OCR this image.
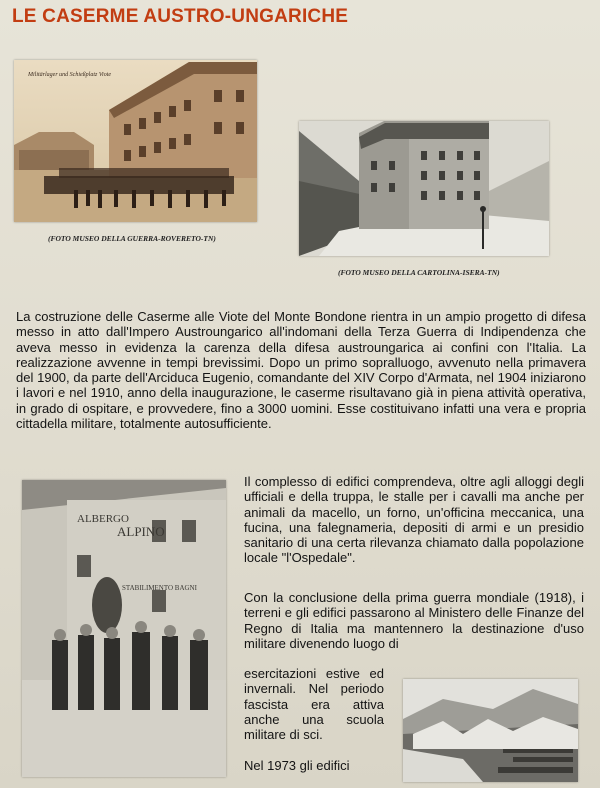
LE CASERME AUSTRO-UNGARICHE
Militärlager und Schießplatz Viote
(FOTO MUSEO DELLA GUERRA-ROVERETO-TN)
(FOTO MUSEO DELLA CARTOLINA-ISERA-TN)

La costruzione delle Caserme alle Viote del Monte Bondone rientra in un ampio progetto di difesa messo in atto dall'Impero Austroungarico all'indomani della Terza Guerra di Indipendenza che aveva messo in evidenza la carenza della difesa austroungarica ai confini con l'Italia. La realizzazione avvenne in tempi brevissimi. Dopo un primo sopralluogo, avvenuto nella primavera del 1900, da parte dell'Arciduca Eugenio, comandante del XIV Corpo d'Armata, nel 1904 iniziarono i lavori e nel 1910, anno della inaugurazione, le caserme risultavano già in piena attività operativa, in grado di ospitare, e provvedere, fino a 3000 uomini. Esse costituivano infatti una vera e propria cittadella militare, totalmente autosufficiente.

ALBERGO
ALPINO
STABILIMENTO BAGNI

Il complesso di edifici comprendeva, oltre agli alloggi degli ufficiali e della truppa, le stalle per i cavalli ma anche per animali da macello, un forno, un'officina meccanica, una fucina, una falegnameria, depositi di armi e un presidio sanitario di una certa rilevanza chiamato dalla popolazione locale "l'Ospedale".

Con la conclusione della prima guerra mondiale (1918), i terreni e gli edifici passarono al Ministero delle Finanze del Regno di Italia ma mantennero la destinazione d'uso militare divenendo luogo di

esercitazioni estive ed invernali. Nel periodo fascista era attiva anche una scuola militare di sci.

Nel 1973 gli edifici
